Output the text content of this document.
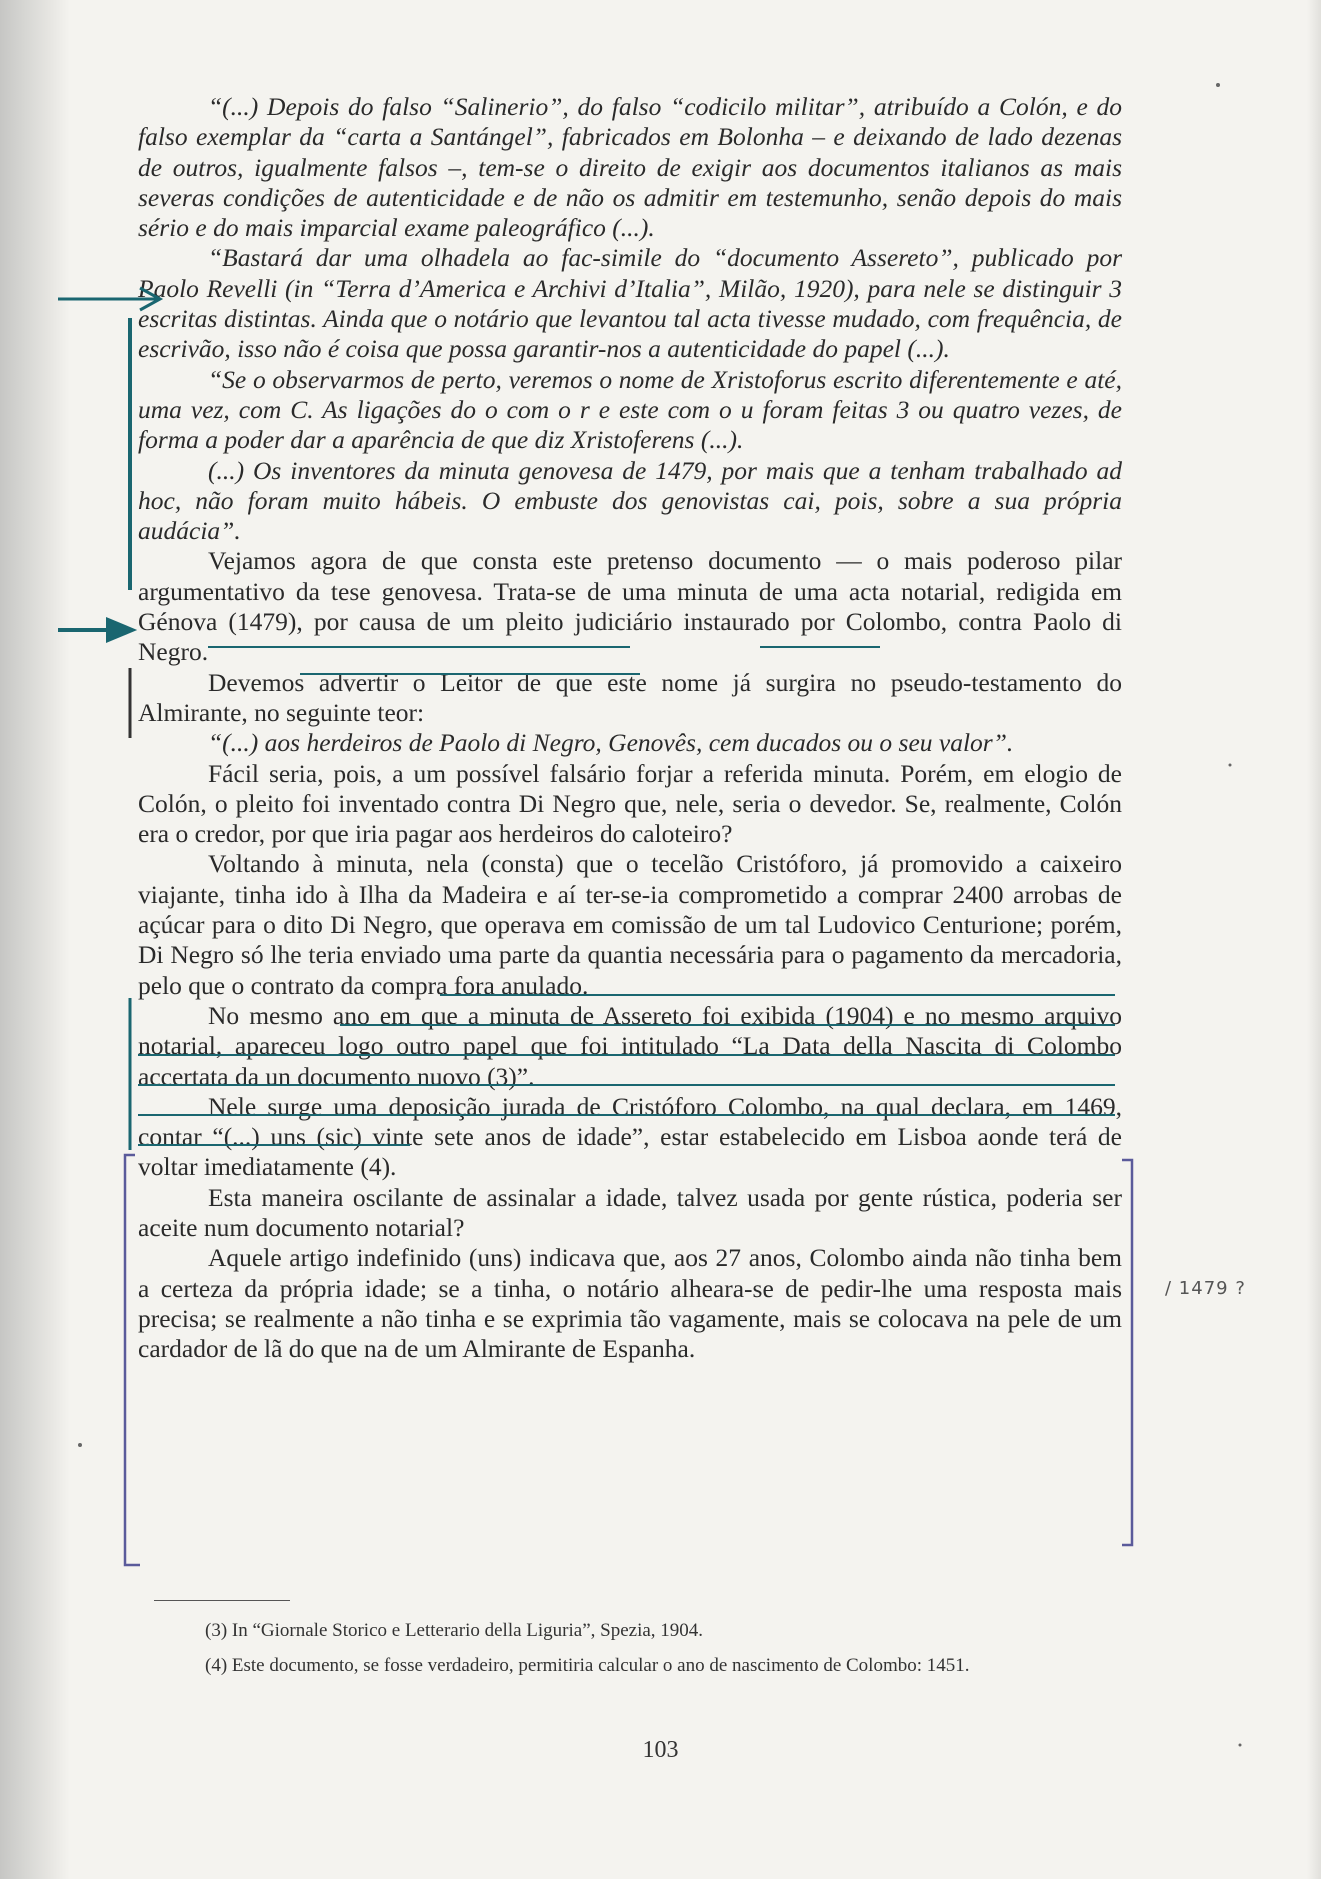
“(...) Depois do falso “Salinerio”, do falso “codicilo militar”, atribuído a Colón, e do falso exemplar da “carta a Santángel”, fabricados em Bolonha – e deixando de lado dezenas de outros, igualmente falsos –, tem-se o direito de exigir aos documentos italianos as mais severas condições de autenticidade e de não os admitir em testemunho, senão depois do mais sério e do mais imparcial exame paleográfico (...).

“Bastará dar uma olhadela ao fac-simile do “documento Assereto”, publicado por Paolo Revelli (in “Terra d’America e Archivi d’Italia”, Milão, 1920), para nele se distinguir 3 escritas distintas. Ainda que o notário que levantou tal acta tivesse mudado, com frequência, de escrivão, isso não é coisa que possa garantir-nos a autenticidade do papel (...).

“Se o observarmos de perto, veremos o nome de Xristoforus escrito diferentemente e até, uma vez, com C. As ligações do o com o r e este com o u foram feitas 3 ou quatro vezes, de forma a poder dar a aparência de que diz Xristoferens (...).

(...) Os inventores da minuta genovesa de 1479, por mais que a tenham trabalhado ad hoc, não foram muito hábeis. O embuste dos genovistas cai, pois, sobre a sua própria audácia”.

Vejamos agora de que consta este pretenso documento — o mais poderoso pilar argumentativo da tese genovesa. Trata-se de uma minuta de uma acta notarial, redigida em Génova (1479), por causa de um pleito judiciário instaurado por Colombo, contra Paolo di Negro.

Devemos advertir o Leitor de que este nome já surgira no pseudo-testamento do Almirante, no seguinte teor:

“(...) aos herdeiros de Paolo di Negro, Genovês, cem ducados ou o seu valor”.

Fácil seria, pois, a um possível falsário forjar a referida minuta. Porém, em elogio de Colón, o pleito foi inventado contra Di Negro que, nele, seria o devedor. Se, realmente, Colón era o credor, por que iria pagar aos herdeiros do caloteiro?

Voltando à minuta, nela (consta) que o tecelão Cristóforo, já promovido a caixeiro viajante, tinha ido à Ilha da Madeira e aí ter-se-ia comprometido a comprar 2400 arrobas de açúcar para o dito Di Negro, que operava em comissão de um tal Ludovico Centurione; porém, Di Negro só lhe teria enviado uma parte da quantia necessária para o pagamento da mercadoria, pelo que o contrato da compra fora anulado.

No mesmo ano em que a minuta de Assereto foi exibida (1904) e no mesmo arquivo notarial, apareceu logo outro papel que foi intitulado “La Data della Nascita di Colombo accertata da un documento nuovo (3)”.

Nele surge uma deposição jurada de Cristóforo Colombo, na qual declara, em 1469, contar “(...) uns (sic) vinte sete anos de idade”, estar estabelecido em Lisboa aonde terá de voltar imediatamente (4).

Esta maneira oscilante de assinalar a idade, talvez usada por gente rústica, poderia ser aceite num documento notarial?

Aquele artigo indefinido (uns) indicava que, aos 27 anos, Colombo ainda não tinha bem a certeza da própria idade; se a tinha, o notário alheara-se de pedir-lhe uma resposta mais precisa; se realmente a não tinha e se exprimia tão vagamente, mais se colocava na pele de um cardador de lã do que na de um Almirante de Espanha.

(3) In “Giornale Storico e Letterario della Liguria”, Spezia, 1904.

(4) Este documento, se fosse verdadeiro, permitiria calcular o ano de nascimento de Colombo: 1451.

103
/ 1479 ?
